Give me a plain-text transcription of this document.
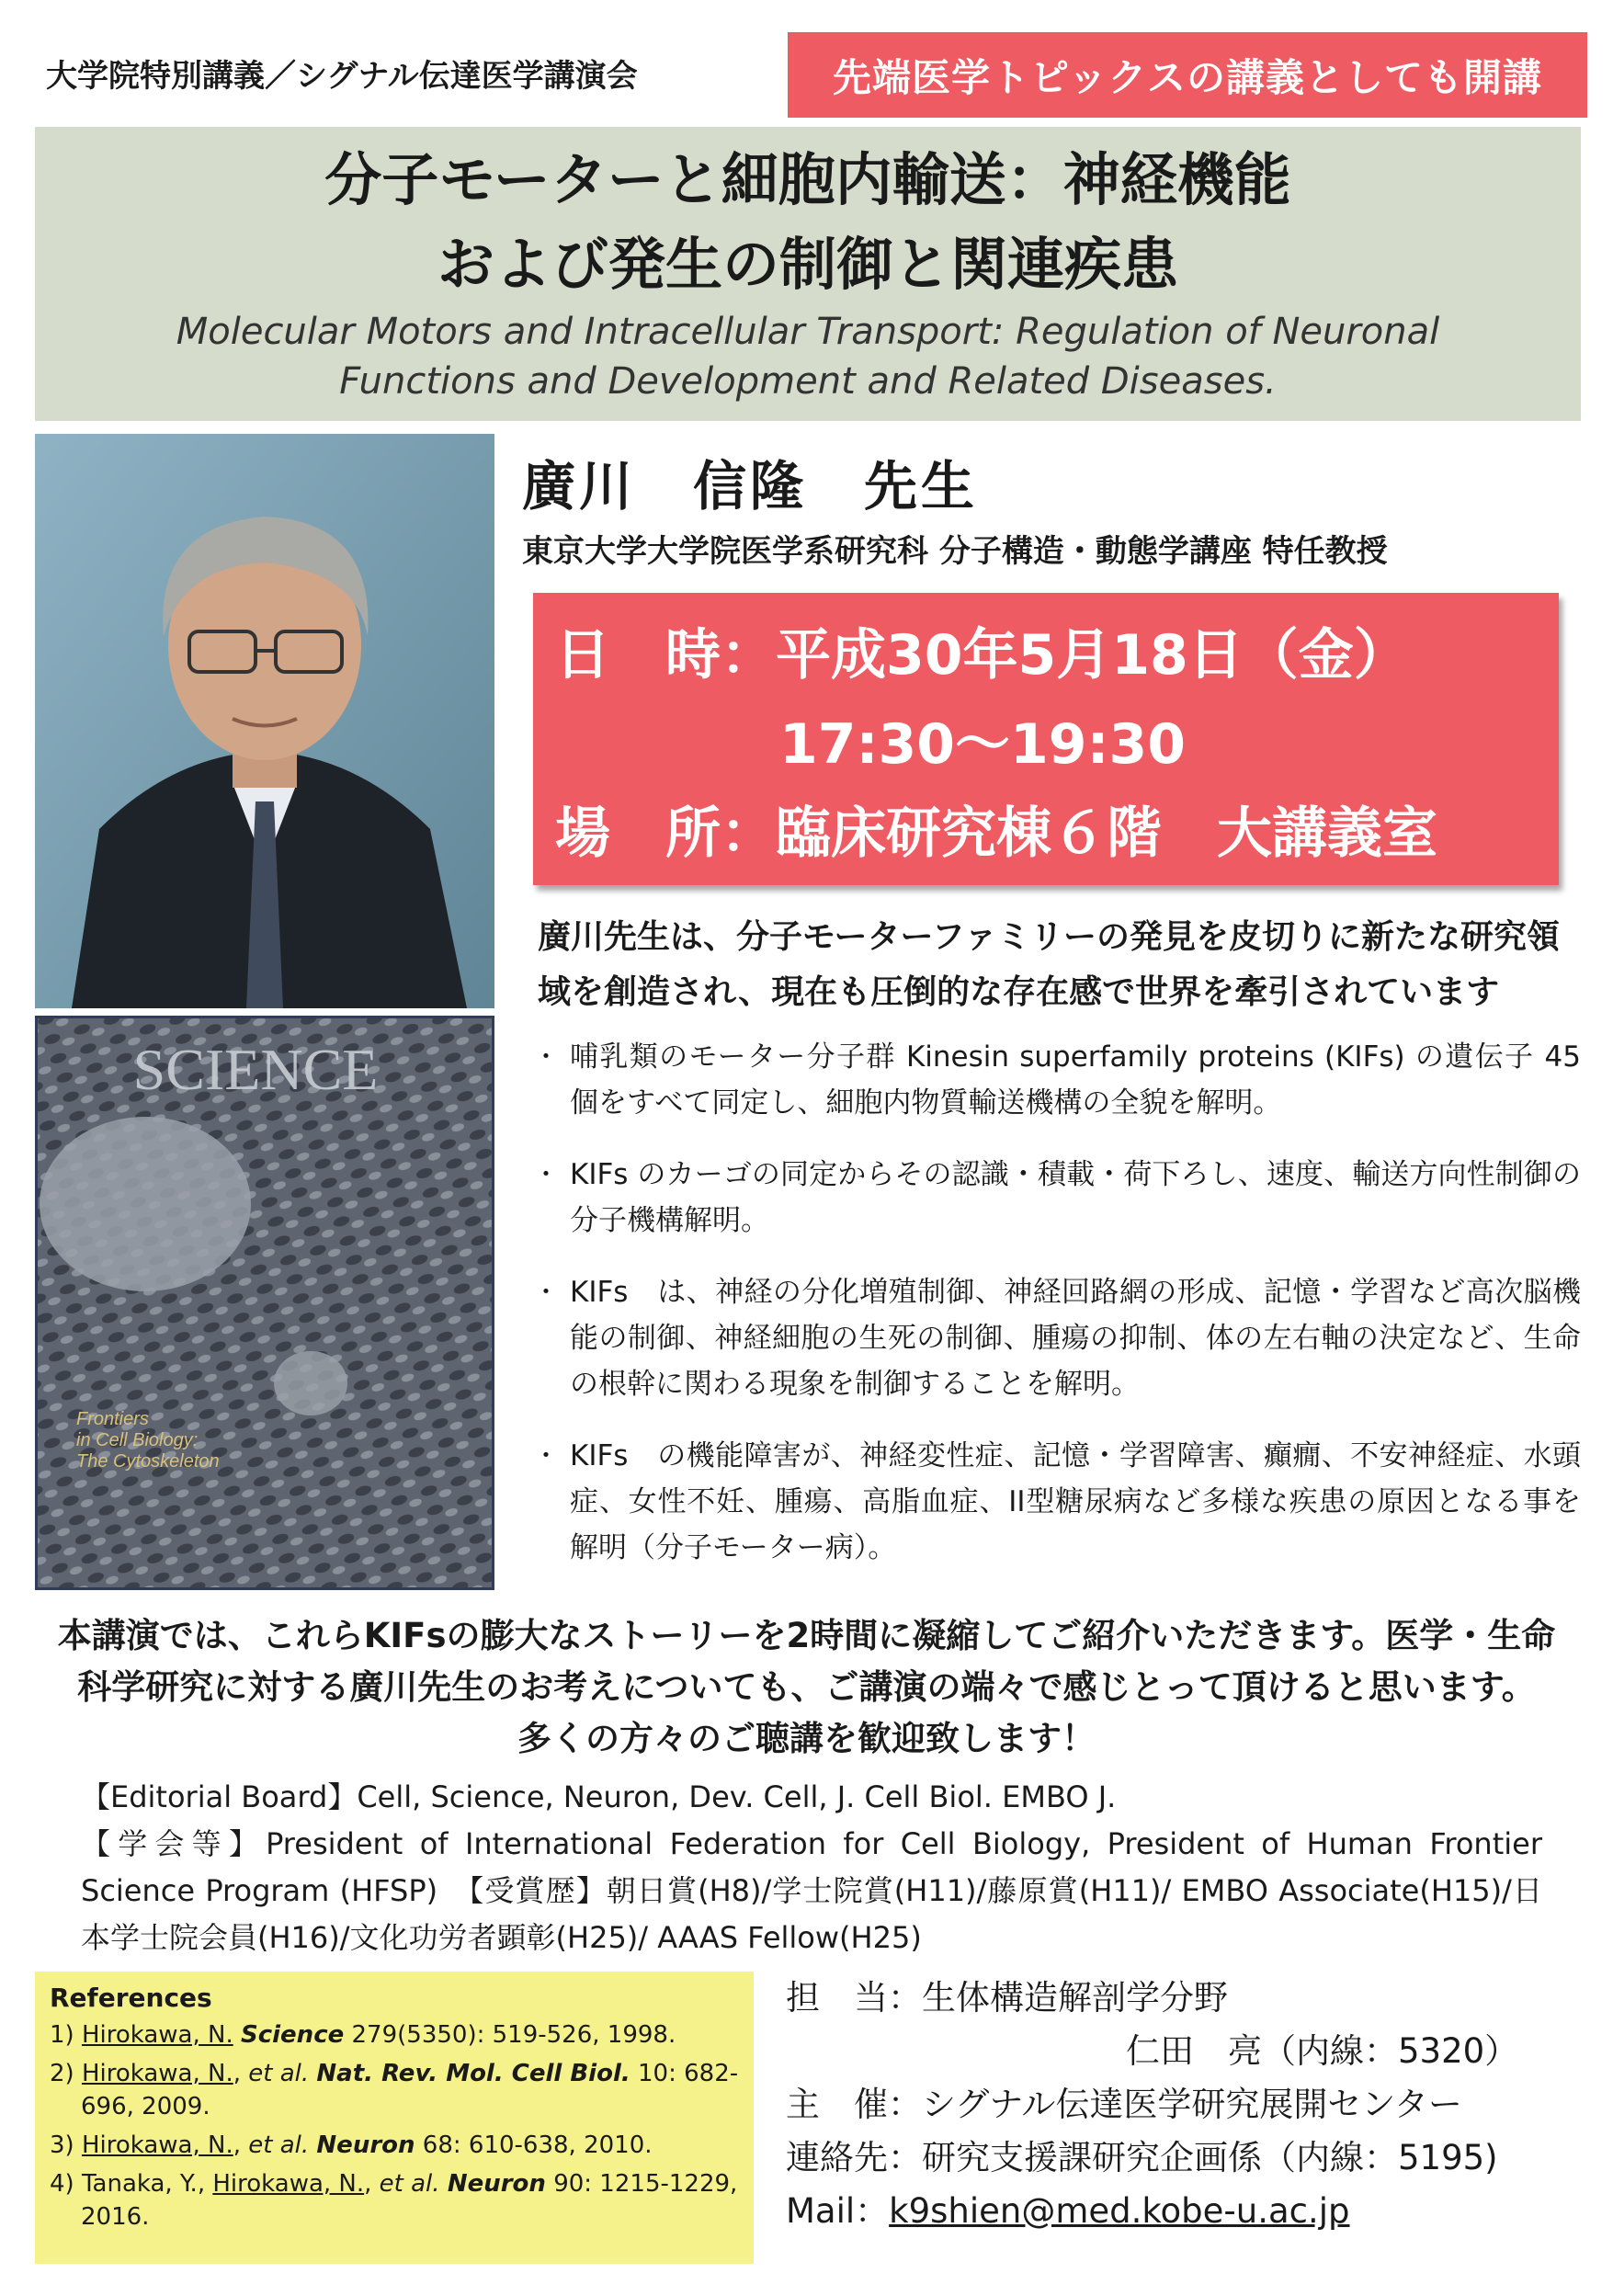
大学院特別講義／シグナル伝達医学講演会	先端医学トピックスの講義としても開講
分子モーターと細胞内輸送：神経機能
および発生の制御と関連疾患
Molecular Motors and Intracellular Transport: Regulation of Neuronal
Functions and Development and Related Diseases.
廣川　信隆　先生
東京大学大学院医学系研究科 分子構造・動態学講座 特任教授
日　時：平成30年5月18日（金）
17:30～19:30
場　所：臨床研究棟６階　大講義室
廣川先生は、分子モーターファミリーの発見を皮切りに新たな研究領域を創造され、現在も圧倒的な存在感で世界を牽引されています
SCIENCE
Frontiers
in Cell Biology:
The Cytoskeleton
・ 哺乳類のモーター分子群 Kinesin superfamily proteins (KIFs) の遺伝子 45 個をすべて同定し、細胞内物質輸送機構の全貌を解明。
・ KIFs のカーゴの同定からその認識・積載・荷下ろし、速度、輸送方向性制御の分子機構解明。
・ KIFs　は、神経の分化増殖制御、神経回路網の形成、記憶・学習など高次脳機能の制御、神経細胞の生死の制御、腫瘍の抑制、体の左右軸の決定など、生命の根幹に関わる現象を制御することを解明。
・ KIFs　の機能障害が、神経変性症、記憶・学習障害、癲癇、不安神経症、水頭症、女性不妊、腫瘍、高脂血症、II型糖尿病など多様な疾患の原因となる事を解明（分子モーター病）。
本講演では、これらKIFsの膨大なストーリーを2時間に凝縮してご紹介いただきます。医学・生命
科学研究に対する廣川先生のお考えについても、ご講演の端々で感じとって頂けると思います。
多くの方々のご聴講を歓迎致します！

【Editorial Board】Cell, Science, Neuron, Dev. Cell, J. Cell Biol. EMBO J.

【学会等】President of International Federation for Cell Biology, President of Human Frontier Science Program (HFSP)　【受賞歴】朝日賞(H8)/学士院賞(H11)/藤原賞(H11)/ EMBO Associate(H15)/日本学士院会員(H16)/文化功労者顕彰(H25)/ AAAS Fellow(H25)

References
1) Hirokawa, N. Science 279(5350): 519-526, 1998.
2) Hirokawa, N., et al. Nat. Rev. Mol. Cell Biol. 10: 682-696, 2009.
3) Hirokawa, N., et al. Neuron 68: 610-638, 2010.
4) Tanaka, Y., Hirokawa, N., et al. Neuron 90: 1215-1229, 2016.
担　当：生体構造解剖学分野
仁田　亮（内線：5320）
主　催：シグナル伝達医学研究展開センター
連絡先：研究支援課研究企画係（内線：5195)
Mail：k9shien@med.kobe-u.ac.jp
